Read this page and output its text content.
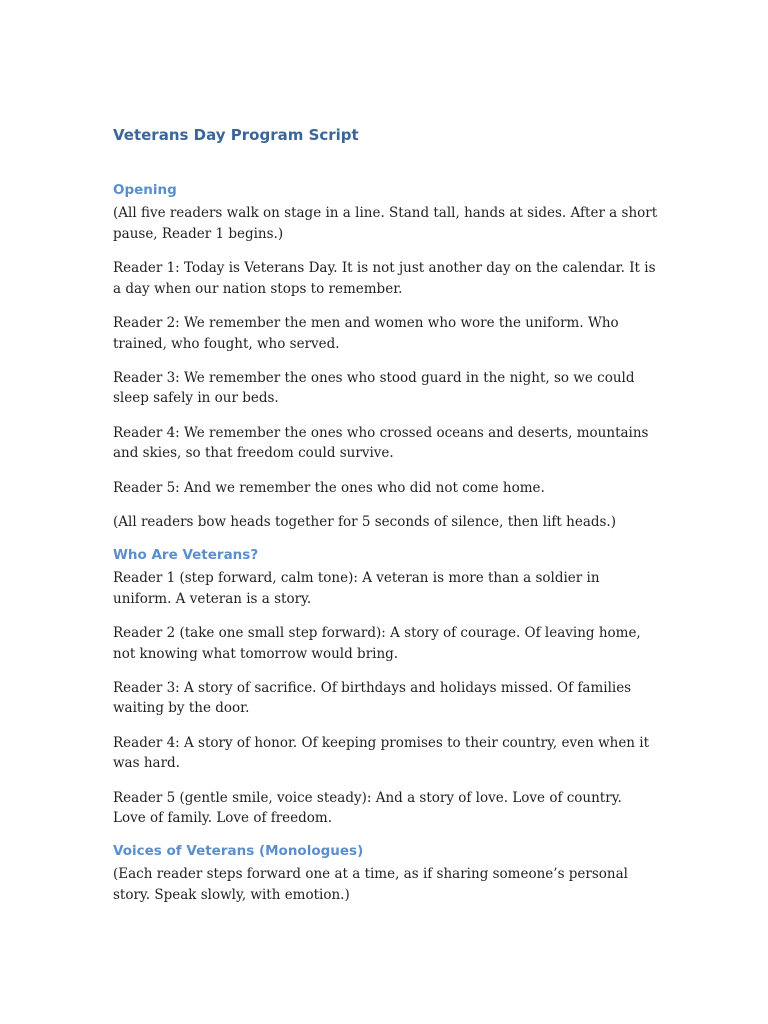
Veterans Day Program Script
Opening

(All five readers walk on stage in a line. Stand tall, hands at sides. After a short pause, Reader 1 begins.)

Reader 1: Today is Veterans Day. It is not just another day on the calendar. It is a day when our nation stops to remember.

Reader 2: We remember the men and women who wore the uniform. Who trained, who fought, who served.

Reader 3: We remember the ones who stood guard in the night, so we could sleep safely in our beds.

Reader 4: We remember the ones who crossed oceans and deserts, mountains and skies, so that freedom could survive.

Reader 5: And we remember the ones who did not come home.

(All readers bow heads together for 5 seconds of silence, then lift heads.)

Who Are Veterans?

Reader 1 (step forward, calm tone): A veteran is more than a soldier in uniform. A veteran is a story.

Reader 2 (take one small step forward): A story of courage. Of leaving home, not knowing what tomorrow would bring.

Reader 3: A story of sacrifice. Of birthdays and holidays missed. Of families waiting by the door.

Reader 4: A story of honor. Of keeping promises to their country, even when it was hard.

Reader 5 (gentle smile, voice steady): And a story of love. Love of country. Love of family. Love of freedom.

Voices of Veterans (Monologues)

(Each reader steps forward one at a time, as if sharing someone’s personal story. Speak slowly, with emotion.)
